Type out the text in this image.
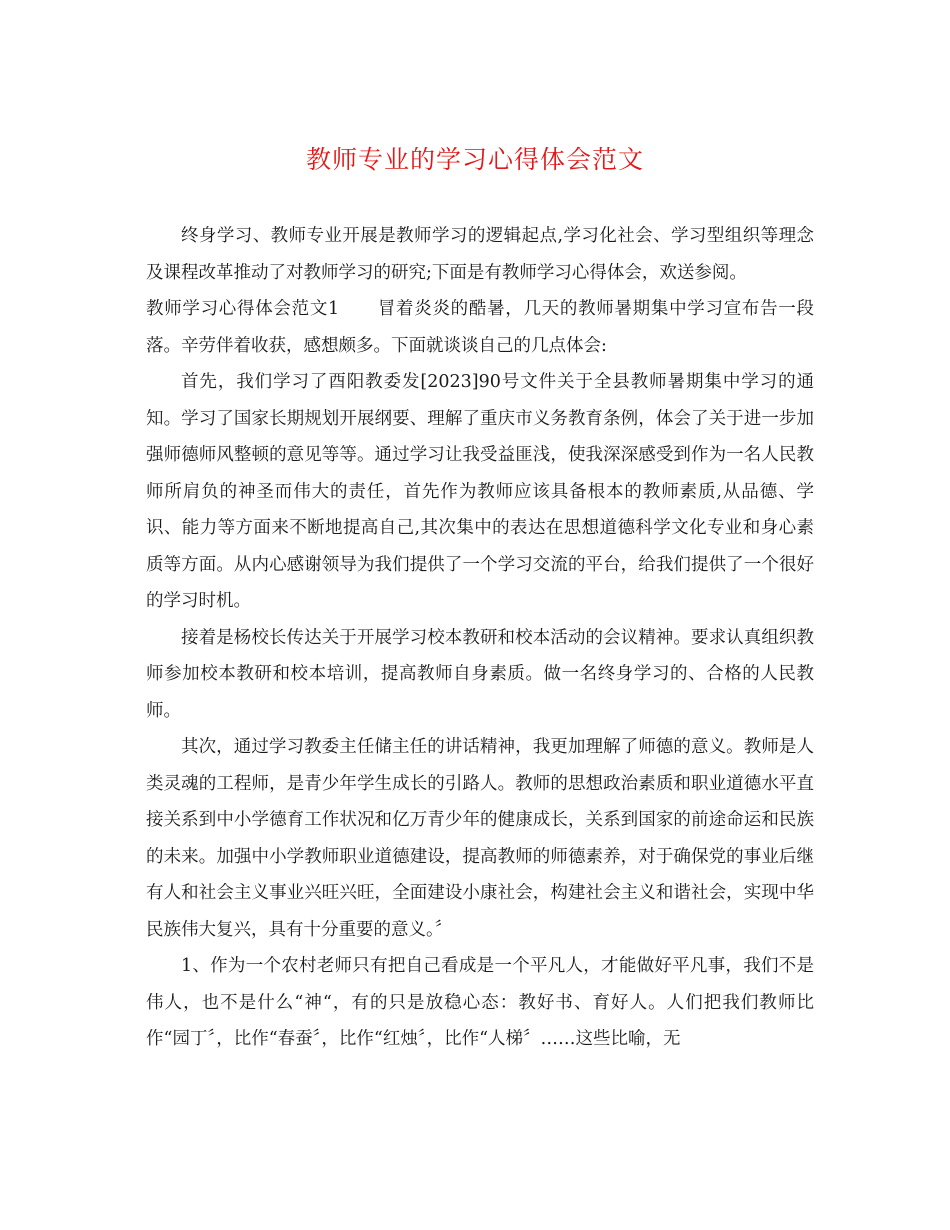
教师专业的学习心得体会范文

终身学习、教师专业开展是教师学习的逻辑起点,学习化社会、学习型组织等理念及课程改革推动了对教师学习的研究;下面是有教师学习心得体会，欢送参阅。

教师学习心得体会范文1 冒着炎炎的酷暑，几天的教师暑期集中学习宣布告一段落。辛劳伴着收获，感想颇多。下面就谈谈自己的几点体会:

首先，我们学习了酉阳教委发[2023]90号文件关于全县教师暑期集中学习的通知。学习了国家长期规划开展纲要、理解了重庆市义务教育条例，体会了关于进一步加强师德师风整顿的意见等等。通过学习让我受益匪浅，使我深深感受到作为一名人民教师所肩负的神圣而伟大的责任，首先作为教师应该具备根本的教师素质,从品德、学识、能力等方面来不断地提高自己,其次集中的表达在思想道德科学文化专业和身心素质等方面。从内心感谢领导为我们提供了一个学习交流的平台，给我们提供了一个很好的学习时机。

接着是杨校长传达关于开展学习校本教研和校本活动的会议精神。要求认真组织教师参加校本教研和校本培训，提高教师自身素质。做一名终身学习的、合格的人民教师。

其次，通过学习教委主任储主任的讲话精神，我更加理解了师德的意义。教师是人类灵魂的工程师，是青少年学生成长的引路人。教师的思想政治素质和职业道德水平直接关系到中小学德育工作状况和亿万青少年的健康成长，关系到国家的前途命运和民族的未来。加强中小学教师职业道德建设，提高教师的师德素养，对于确保党的事业后继有人和社会主义事业兴旺兴旺，全面建设小康社会，构建社会主义和谐社会，实现中华民族伟大复兴，具有十分重要的意义。〞

1、作为一个农村老师只有把自己看成是一个平凡人，才能做好平凡事，我们不是伟人，也不是什么“神“，有的只是放稳心态：教好书、育好人。人们把我们教师比作“园丁〞，比作“春蚕〞，比作“红烛〞，比作“人梯〞……这些比喻，无
